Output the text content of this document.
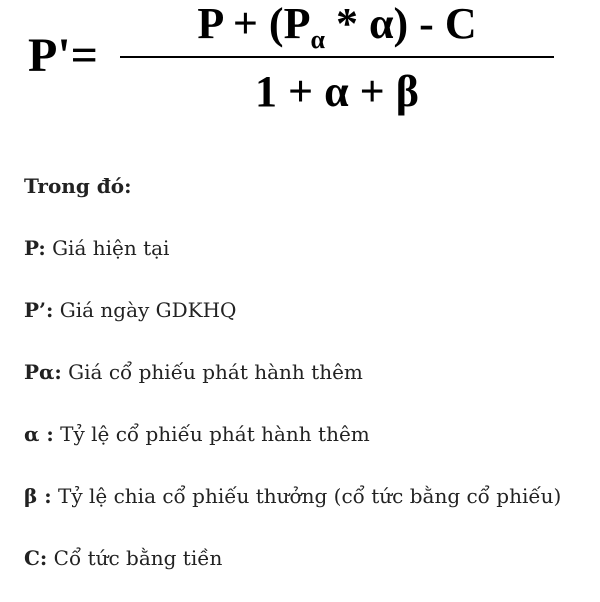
P'=
$P + (P_\alpha * \alpha) - C$
1 + α + β

Trong đó:

P: Giá hiện tại

P’: Giá ngày GDKHQ

Pα: Giá cổ phiếu phát hành thêm

α : Tỷ lệ cổ phiếu phát hành thêm

β : Tỷ lệ chia cổ phiếu thưởng (cổ tức bằng cổ phiếu)

C: Cổ tức bằng tiền
